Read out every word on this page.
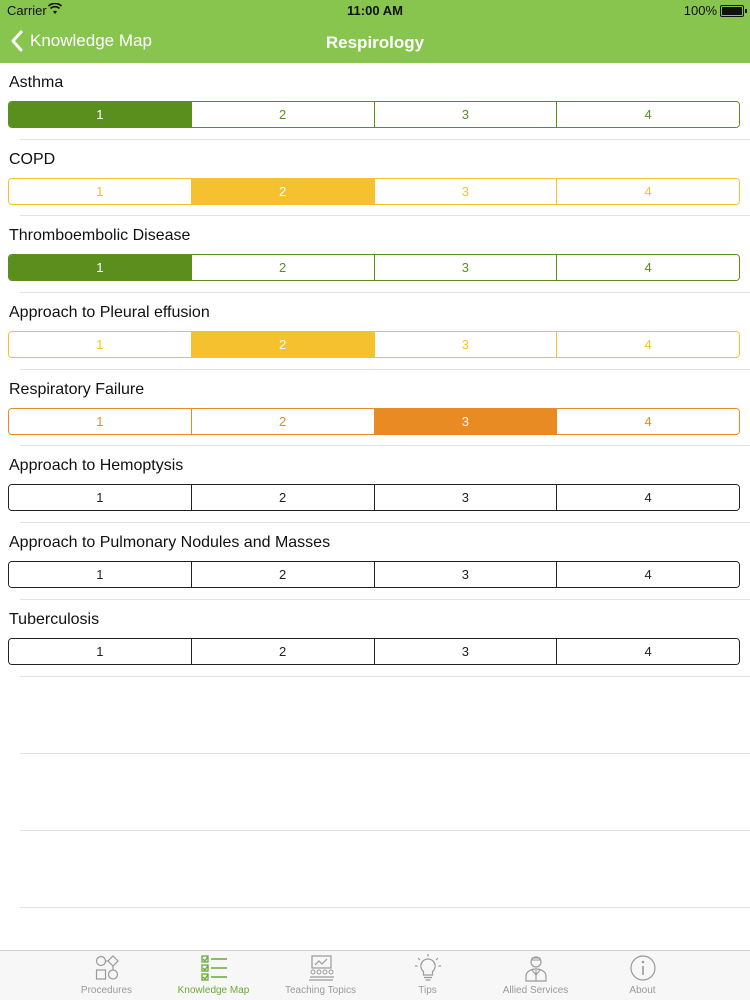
Carrier	11:00 AM	100%
Knowledge Map	Respirology
Asthma
1	2	3	4
COPD
1	2	3	4
Thromboembolic Disease
1	2	3	4
Approach to Pleural effusion
1	2	3	4
Respiratory Failure
1	2	3	4
Approach to Hemoptysis
1	2	3	4
Approach to Pulmonary Nodules and Masses
1	2	3	4
Tuberculosis
1	2	3	4
Procedures	Knowledge Map	Teaching Topics	Tips	Allied Services	About
